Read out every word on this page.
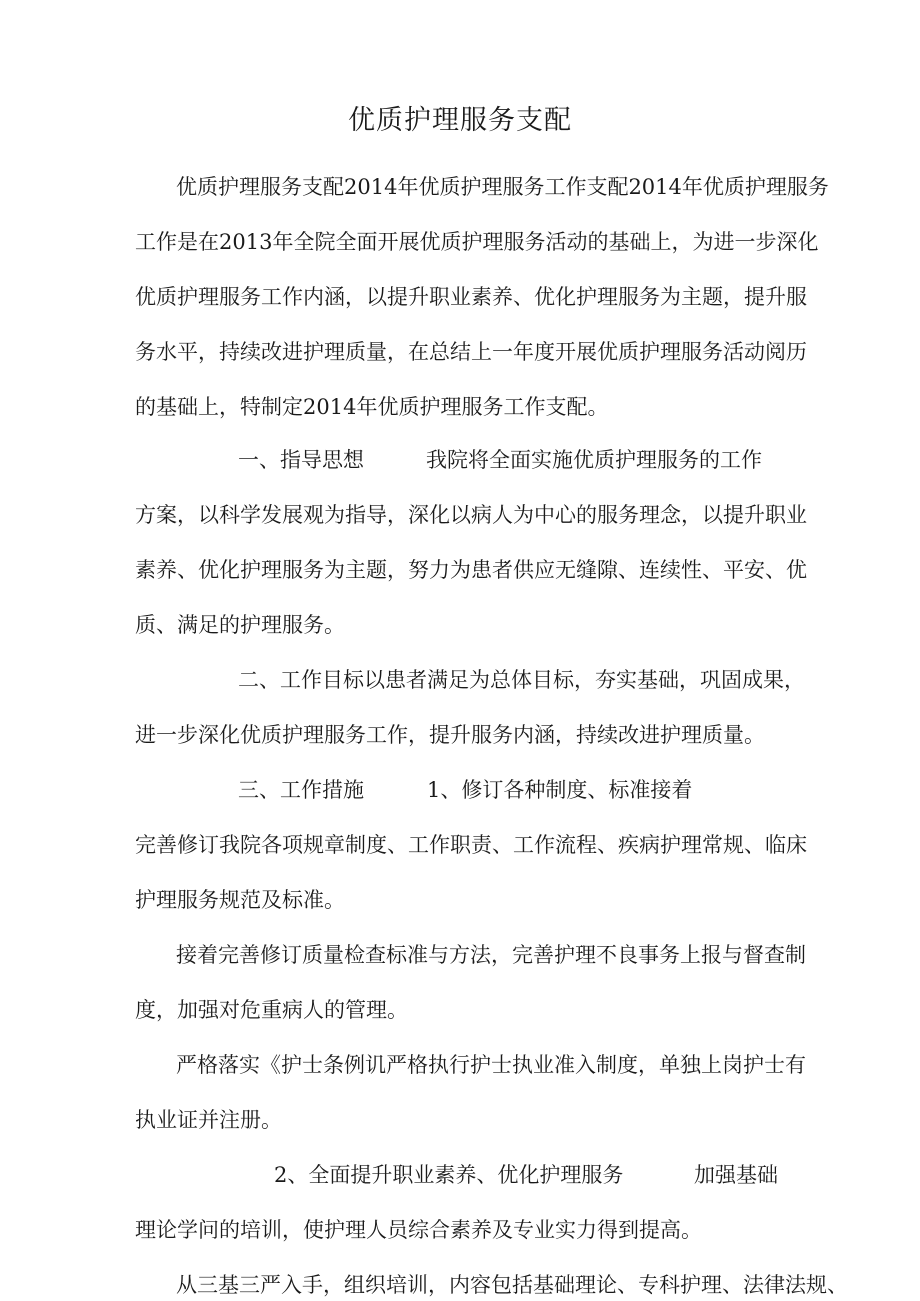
优质护理服务支配
优质护理服务支配2014年优质护理服务工作支配2014年优质护理服务
工作是在2013年全院全面开展优质护理服务活动的基础上，为进一步深化
优质护理服务工作内涵，以提升职业素养、优化护理服务为主题，提升服
务水平，持续改进护理质量，在总结上一年度开展优质护理服务活动阅历
的基础上，特制定2014年优质护理服务工作支配。
一、指导思想	我院将全面实施优质护理服务的工作
方案，以科学发展观为指导，深化以病人为中心的服务理念，以提升职业
素养、优化护理服务为主题，努力为患者供应无缝隙、连续性、平安、优
质、满足的护理服务。
二、工作目标以患者满足为总体目标，夯实基础，巩固成果，
进一步深化优质护理服务工作，提升服务内涵，持续改进护理质量。
三、工作措施	1、修订各种制度、标准接着
完善修订我院各项规章制度、工作职责、工作流程、疾病护理常规、临床
护理服务规范及标准。
接着完善修订质量检查标准与方法，完善护理不良事务上报与督查制
度，加强对危重病人的管理。
严格落实《护士条例讥严格执行护士执业准入制度，单独上岗护士有
执业证并注册。
2、全面提升职业素养、优化护理服务	加强基础
理论学问的培训，使护理人员综合素养及专业实力得到提高。
从三基三严入手，组织培训，内容包括基础理论、专科护理、法律法规、
